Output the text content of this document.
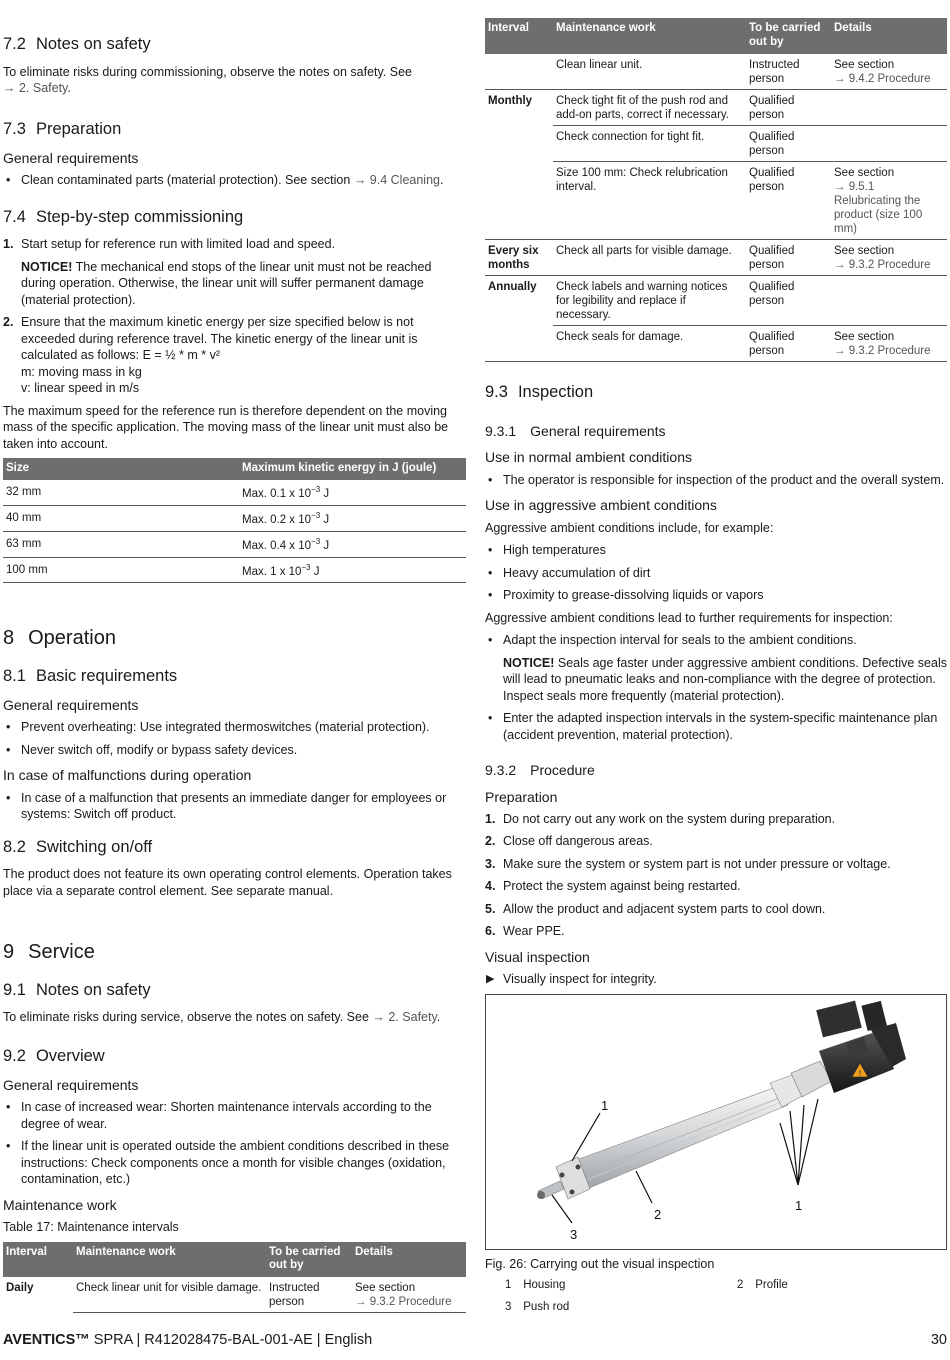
7.2 Notes on safety

To eliminate risks during commissioning, observe the notes on safety. See
→ 2. Safety.

7.3 Preparation
General requirements
• Clean contaminated parts (material protection). See section → 9.4 Cleaning.
7.4 Step-by-step commissioning
1. Start setup for reference run with limited load and speed.
NOTICE! The mechanical end stops of the linear unit must not be reached during operation. Otherwise, the linear unit will suffer permanent damage (material protection).
2. Ensure that the maximum kinetic energy per size specified below is not exceeded during reference travel. The kinetic energy of the linear unit is calculated as follows: E = ½ * m * v²
m: moving mass in kg
v: linear speed in m/s

The maximum speed for the reference run is therefore dependent on the moving mass of the specific application. The moving mass of the linear unit must also be taken into account.

Size	Maximum kinetic energy in J (joule)
32 mm	Max. 0.1 x $10^{-3}$ J
40 mm	Max. 0.2 x $10^{-3}$ J
63 mm	Max. 0.4 x $10^{-3}$ J
100 mm	Max. 1 x $10^{-3}$ J
8 Operation
8.1 Basic requirements
General requirements
• Prevent overheating: Use integrated thermoswitches (material protection).
• Never switch off, modify or bypass safety devices.
In case of malfunctions during operation
• In case of a malfunction that presents an immediate danger for employees or systems: Switch off product.
8.2 Switching on/off

The product does not feature its own operating control elements. Operation takes place via a separate control element. See separate manual.

9 Service
9.1 Notes on safety

To eliminate risks during service, observe the notes on safety. See → 2. Safety.

9.2 Overview
General requirements
• In case of increased wear: Shorten maintenance intervals according to the degree of wear.
• If the linear unit is operated outside the ambient conditions described in these instructions: Check components once a month for visible changes (oxidation, contamination, etc.)
Maintenance work

Table 17: Maintenance intervals

Interval	Maintenance work	To be carried out by	Details
Daily	Check linear unit for visible damage.	Instructed person	See section
→ 9.3.2 Procedure
Interval	Maintenance work	To be carried out by	Details
	Clean linear unit.	Instructed person	See section
→ 9.4.2 Procedure
Monthly	Check tight fit of the push rod and add-on parts, correct if necessary.	Qualified person	
	Check connection for tight fit.	Qualified person	
	Size 100 mm: Check relubrication interval.	Qualified person	See section
→ 9.5.1 Relubricating the product (size 100 mm)
Every six months	Check all parts for visible damage.	Qualified person	See section
→ 9.3.2 Procedure
Annually	Check labels and warning notices for legibility and replace if necessary.	Qualified person	
	Check seals for damage.	Qualified person	See section
→ 9.3.2 Procedure
9.3 Inspection
9.3.1 General requirements
Use in normal ambient conditions
• The operator is responsible for inspection of the product and the overall system.
Use in aggressive ambient conditions

Aggressive ambient conditions include, for example:

• High temperatures
• Heavy accumulation of dirt
• Proximity to grease-dissolving liquids or vapors

Aggressive ambient conditions lead to further requirements for inspection:

• Adapt the inspection interval for seals to the ambient conditions.
NOTICE! Seals age faster under aggressive ambient conditions. Defective seals will lead to pneumatic leaks and non-compliance with the degree of protection. Inspect seals more frequently (material protection).
• Enter the adapted inspection intervals in the system-specific maintenance plan (accident prevention, material protection).
9.3.2 Procedure
Preparation
1. Do not carry out any work on the system during preparation.
2. Close off dangerous areas.
3. Make sure the system or system part is not under pressure or voltage.
4. Protect the system against being restarted.
5. Allow the product and adjacent system parts to cool down.
6. Wear PPE.
Visual inspection

▶ Visually inspect for integrity.

!
1
2
1
3

Fig. 26: Carrying out the visual inspection

1 Housing	2 Profile
3 Push rod
AVENTICS™ SPRA | R412028475-BAL-001-AE | English	30
